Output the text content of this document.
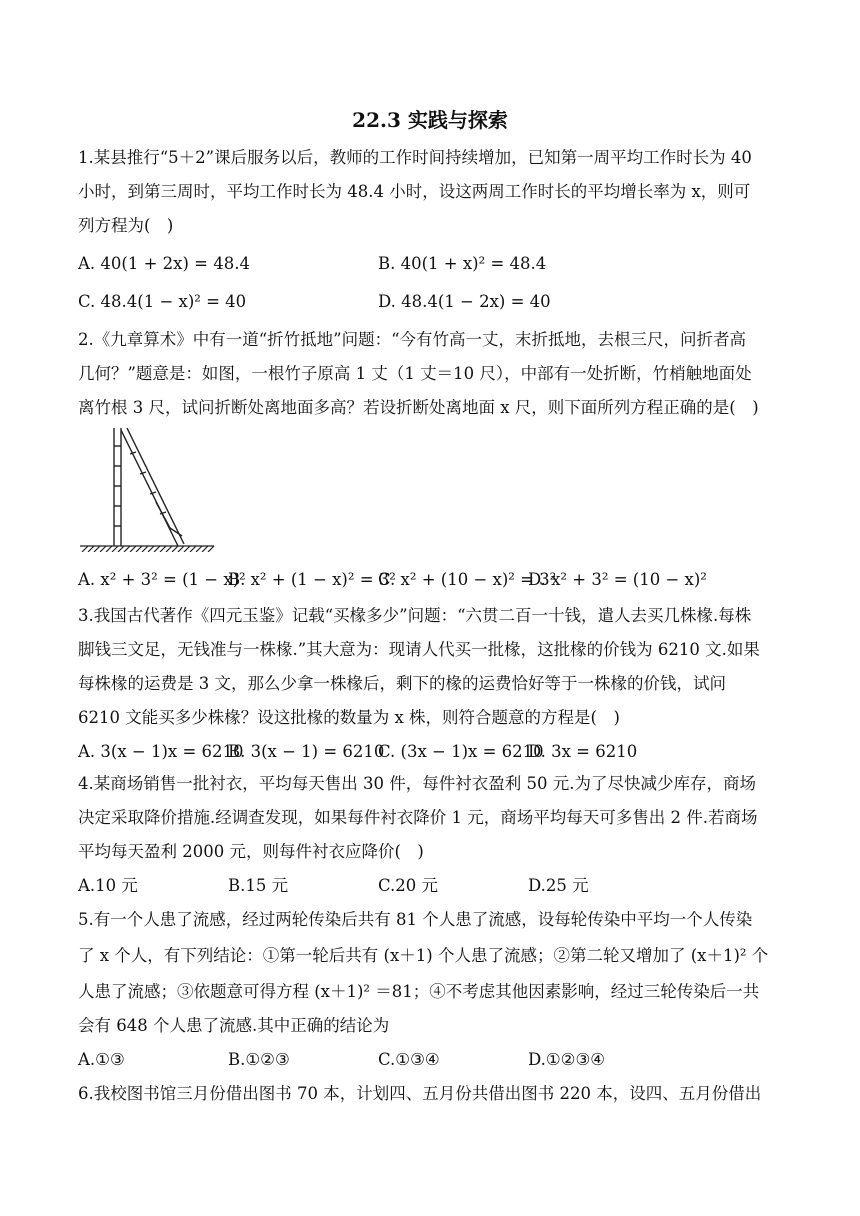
22.3 实践与探索
1.某县推行“5＋2”课后服务以后，教师的工作时间持续增加，已知第一周平均工作时长为 40
小时，到第三周时，平均工作时长为 48.4 小时，设这两周工作时长的平均增长率为 x，则可
列方程为(　)
A. 40(1 + 2x) = 48.4	B. 40(1 + x)² = 48.4
C. 48.4(1 − x)² = 40	D. 48.4(1 − 2x) = 40
2.《九章算术》中有一道“折竹抵地”问题：“今有竹高一丈，末折抵地，去根三尺，问折者高
几何？”题意是：如图，一根竹子原高 1 丈（1 丈＝10 尺），中部有一处折断，竹梢触地面处
离竹根 3 尺，试问折断处离地面多高？若设折断处离地面 x 尺，则下面所列方程正确的是(　)
A. x² + 3² = (1 − x)²
B. x² + (1 − x)² = 3²
C. x² + (10 − x)² = 3²
D. x² + 3² = (10 − x)²
3.我国古代著作《四元玉鉴》记载“买椽多少”问题：“六贯二百一十钱，遣人去买几株椽.每株
脚钱三文足，无钱准与一株椽.”其大意为：现请人代买一批椽，这批椽的价钱为 6210 文.如果
每株椽的运费是 3 文，那么少拿一株椽后，剩下的椽的运费恰好等于一株椽的价钱，试问
6210 文能买多少株椽？设这批椽的数量为 x 株，则符合题意的方程是(　)
A. 3(x − 1)x = 6210
B. 3(x − 1) = 6210
C. (3x − 1)x = 6210
D. 3x = 6210
4.某商场销售一批衬衣，平均每天售出 30 件，每件衬衣盈利 50 元.为了尽快减少库存，商场
决定采取降价措施.经调查发现，如果每件衬衣降价 1 元，商场平均每天可多售出 2 件.若商场
平均每天盈利 2000 元，则每件衬衣应降价(　)
A.10 元	B.15 元	C.20 元	D.25 元
5.有一个人患了流感，经过两轮传染后共有 81 个人患了流感，设每轮传染中平均一个人传染
了 x 个人，有下列结论：①第一轮后共有 (x＋1) 个人患了流感；②第二轮又增加了 (x＋1)² 个
人患了流感；③依题意可得方程 (x＋1)² ＝81；④不考虑其他因素影响，经过三轮传染后一共
会有 648 个人患了流感.其中正确的结论为
A.①③	B.①②③	C.①③④	D.①②③④
6.我校图书馆三月份借出图书 70 本，计划四、五月份共借出图书 220 本，设四、五月份借出
